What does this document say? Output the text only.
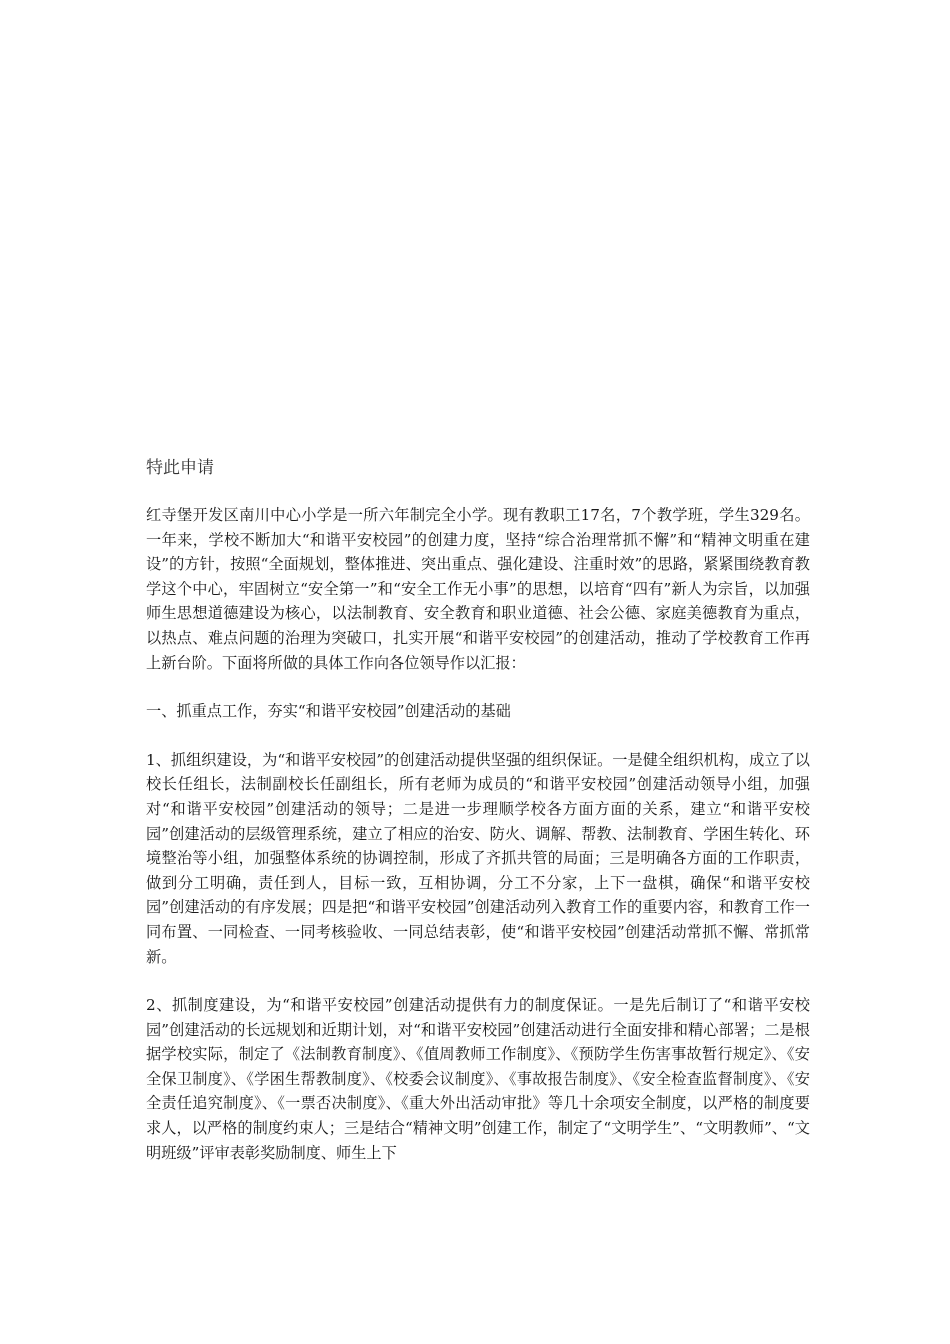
特此申请

红寺堡开发区南川中心小学是一所六年制完全小学。现有教职工17名，7个教学班，学生329名。一年来，学校不断加大“和谐平安校园”的创建力度，坚持“综合治理常抓不懈”和“精神文明重在建设”的方针，按照“全面规划，整体推进、突出重点、强化建设、注重时效”的思路，紧紧围绕教育教学这个中心，牢固树立“安全第一”和“安全工作无小事”的思想，以培育“四有”新人为宗旨，以加强师生思想道德建设为核心，以法制教育、安全教育和职业道德、社会公德、家庭美德教育为重点，以热点、难点问题的治理为突破口，扎实开展“和谐平安校园”的创建活动，推动了学校教育工作再上新台阶。下面将所做的具体工作向各位领导作以汇报：

一、抓重点工作，夯实“和谐平安校园”创建活动的基础

1、抓组织建设，为“和谐平安校园”的创建活动提供坚强的组织保证。一是健全组织机构，成立了以校长任组长，法制副校长任副组长，所有老师为成员的“和谐平安校园”创建活动领导小组，加强对“和谐平安校园”创建活动的领导；二是进一步理顺学校各方面方面的关系，建立“和谐平安校园”创建活动的层级管理系统，建立了相应的治安、防火、调解、帮教、法制教育、学困生转化、环境整治等小组，加强整体系统的协调控制，形成了齐抓共管的局面；三是明确各方面的工作职责，做到分工明确，责任到人，目标一致，互相协调，分工不分家，上下一盘棋，确保“和谐平安校园”创建活动的有序发展；四是把“和谐平安校园”创建活动列入教育工作的重要内容，和教育工作一同布置、一同检查、一同考核验收、一同总结表彰，使“和谐平安校园”创建活动常抓不懈、常抓常新。

2、抓制度建设，为“和谐平安校园”创建活动提供有力的制度保证。一是先后制订了“和谐平安校园”创建活动的长远规划和近期计划，对“和谐平安校园”创建活动进行全面安排和精心部署；二是根据学校实际，制定了《法制教育制度》、《值周教师工作制度》、《预防学生伤害事故暂行规定》、《安全保卫制度》、《学困生帮教制度》、《校委会议制度》、《事故报告制度》、《安全检查监督制度》、《安全责任追究制度》、《一票否决制度》、《重大外出活动审批》等几十余项安全制度，以严格的制度要求人，以严格的制度约束人；三是结合“精神文明”创建工作，制定了“文明学生”、“文明教师”、“文明班级”评审表彰奖励制度、师生上下
